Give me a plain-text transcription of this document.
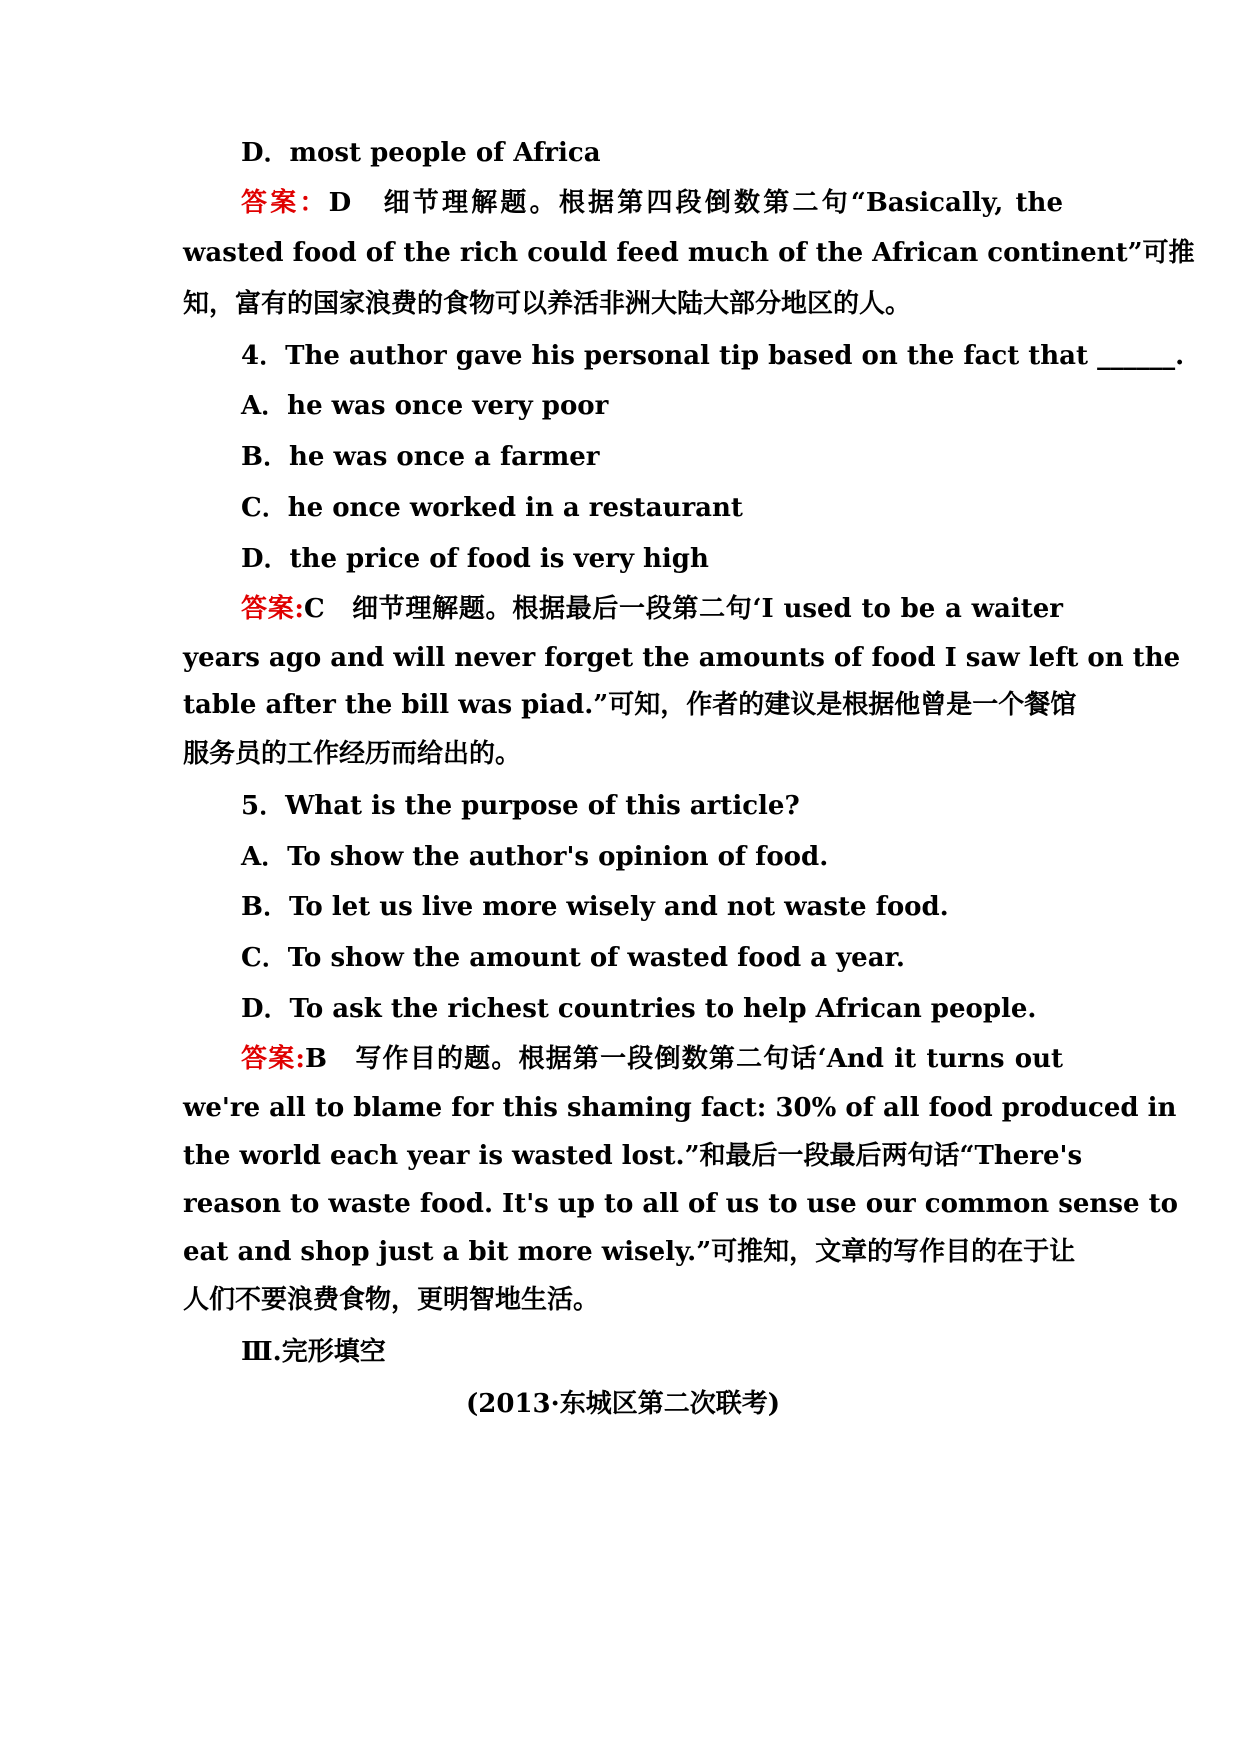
D．most people of Africa
答案：D　细节理解题。根据第四段倒数第二句“Basically, the
wasted food of the rich could feed much of the African continent”可推
知，富有的国家浪费的食物可以养活非洲大陆大部分地区的人。
4．The author gave his personal tip based on the fact that ______.
A．he was once very poor
B．he was once a farmer
C．he once worked in a restaurant
D．the price of food is very high
答案:C　细节理解题。根据最后一段第二句‘I used to be a waiter
years ago and will never forget the amounts of food I saw left on the
table after the bill was piad.”可知，作者的建议是根据他曾是一个餐馆
服务员的工作经历而给出的。
5．What is the purpose of this article?
A．To show the author's opinion of food.
B．To let us live more wisely and not waste food.
C．To show the amount of wasted food a year.
D．To ask the richest countries to help African people.
答案:B　写作目的题。根据第一段倒数第二句话‘And it turns out
we're all to blame for this shaming fact: 30% of all food produced in
the world each year is wasted lost.”和最后一段最后两句话“There's
reason to waste food. It's up to all of us to use our common sense to
eat and shop just a bit more wisely.”可推知，文章的写作目的在于让
人们不要浪费食物，更明智地生活。
Ⅲ.完形填空
(2013·东城区第二次联考)
